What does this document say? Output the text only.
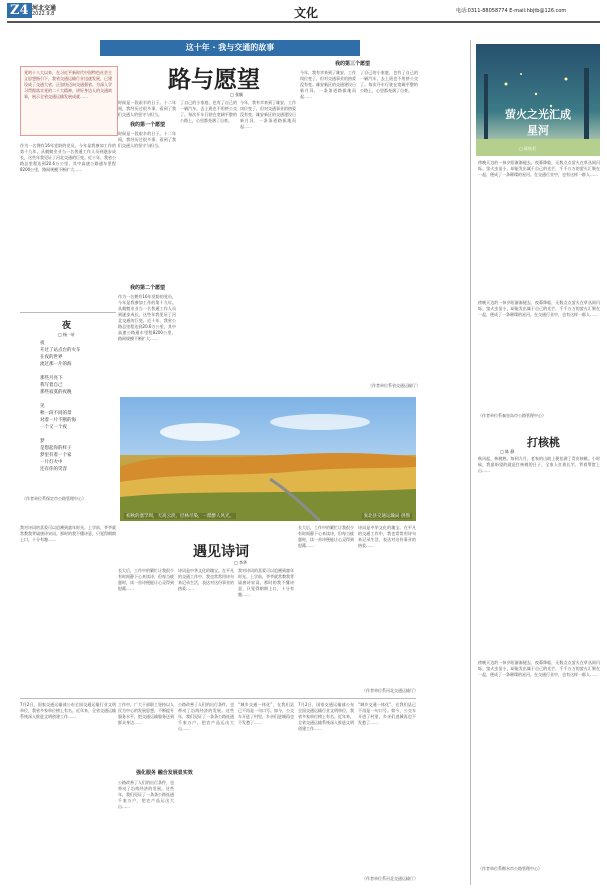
Z4 河北交通
2022.9.8	文化	电话:0311-88058774 E-mail:hbjtb@126.com
这十年 · 我与交通的故事
路与愿望
□ 张颖
党的十八大以来，在习近平新时代中国特色社会主义思想指引下，我省交通运输行业迅速发展，已建设成了交通大省，正加快迈向交通强省。为深入学习贯彻落实党的二十大精神，讲好身边人的交通故事，展示全省交通运输发展成就……
作为一名拥有16年党龄的党员，今年是我参加工作的第十九年。从兢兢业业当一名普通工作人员到逐步成长，这些年我见证了河北交通的巨变。近十年，我省公路总里程达到20.6万公里，其中高速公路通车里程8200公里，路网规模不断扩大……
时候是一段艰辛的日子。十二年间，我经历过很多事，看到了我们交通人的坚守与担当。
我的第一个愿望
时候是一段艰辛的日子。十二年间，我经历过很多事，看到了我们交通人的坚守与担当。
我的第二个愿望
作为一名拥有16年党龄的党员，今年是我参加工作的第十九年。从兢兢业业当一名普通工作人员到逐步成长，这些年我见证了河北交通的巨变。近十年，我省公路总里程达到20.6万公里，其中高速公路通车里程8200公里，路网规模不断扩大……
了自己的小家庭，也有了自己的一辆汽车，去上班也不用挤公交了。每次开车行驶在宽阔平整的公路上，心里都充满了自豪。
今年，我有幸来到了雄安，工作岗位变了，但对交通事业的热爱没有变。雄安新区的交通建设日新月异，一条条道路拔地而起……
我的第三个愿望
今年，我有幸来到了雄安，工作岗位变了，但对交通事业的热爱没有变。雄安新区的交通建设日新月异，一条条道路拔地而起……
了自己的小家庭，也有了自己的一辆汽车，去上班也不用挤公交了。每次开车行驶在宽阔平整的公路上，心里都充满了自豪。
（作者单位系省交通运输厅）
夜
□ 杨一轩
夜
开过了站点台的火车
在夜的世界
流过那一片的海
那些月亮下
我写着自己
那些寂寞的夜晚
见
秋一段不同的景
对着一片不断的海
一个又一个夜
梦
是想起你的样子
梦里有着一个家
一片灯火中
还有你的笑容
（作者单位系保定市公路管理中心）
初秋的塞罕坝，天高云淡，层林尽染，一派醉人风光。	张北县交通运输局 供图
萤火之光汇成星河
□ 陈秋若
傍晚天边的一抹夕阳渐渐褪去，夜幕降临，无数点点萤火在草丛间闪烁。萤火虫虽小，却能发出属于自己的光芒，千千万万的萤火汇聚在一起，便成了一条璀璨的星河。在交通行业中，也有这样一群人……
傍晚天边的一抹夕阳渐渐褪去，夜幕降临，无数点点萤火在草丛间闪烁。萤火虫虽小，却能发出属于自己的光芒，千千万万的萤火汇聚在一起，便成了一条璀璨的星河。在交通行业中，也有这样一群人……
（作者单位系秦皇岛市公路管理中心）
打核桃
□ 陈 静
秋风起，核桃熟。每到九月，老家的山坡上便挂满了青皮核桃。小时候，我最盼望的就是打核桃的日子，全家人扛着长竿，背着箩筐上山……
傍晚天边的一抹夕阳渐渐褪去，夜幕降临，无数点点萤火在草丛间闪烁。萤火虫虽小，却能发出属于自己的光芒，千千万万的萤火汇聚在一起，便成了一条璀璨的星河。在交通行业中，也有这样一群人……
（作者单位系衡水市公路管理中心）
遇见诗词
□ 李华
我对诗词的喜爱可以追溯到童年时光。上学前，爷爷就常教我背诵唐诗宋词。那时的我不懂诗意，只觉得朗朗上口，十分有趣……
长大后，工作中的繁忙让我很少有时间静下心来读诗，但每当疲惫时，读一首诗便能让心灵得到慰藉……
诗词是中华文化的瑰宝。在平凡的交通工作中，我也常常用诗句来记录生活，表达对这份事业的热爱……
我对诗词的喜爱可以追溯到童年时光。上学前，爷爷就常教我背诵唐诗宋词。那时的我不懂诗意，只觉得朗朗上口，十分有趣……
长大后，工作中的繁忙让我很少有时间静下心来读诗，但每当疲惫时，读一首诗便能让心灵得到慰藉……
诗词是中华文化的瑰宝。在平凡的交通工作中，我也常常用诗句来记录生活，表达对这份事业的热爱……
（作者单位系河北交通运输厅）
7月2日，国家交通运输部公布全国交通运输行业文明单位，我省多家单位榜上有名。近年来，全省交通运输系统深入推进文明创建工作……
强化服务 融合发展显实效
工作中，广大干部职工坚持以人民为中心的发展思想，不断提升服务水平，把交通运输服务送到群众身边……
公路改善了人们的出行条件，也带动了沿线经济的发展。这些年，我们见证了一条条公路连通千家万户，把农产品运出大山……
公路改善了人们的出行条件，也带动了沿线经济的发展。这些年，我们见证了一条条公路连通千家万户，把农产品运出大山……
“城乡交通一体化”，在我们县已不再是一句口号。如今，公交车开进了村里，乡亲们进城再也不发愁了……
7月2日，国家交通运输部公布全国交通运输行业文明单位，我省多家单位榜上有名。近年来，全省交通运输系统深入推进文明创建工作……
“城乡交通一体化”，在我们县已不再是一句口号。如今，公交车开进了村里，乡亲们进城再也不发愁了……
（作者单位系河北交通运输厅）
